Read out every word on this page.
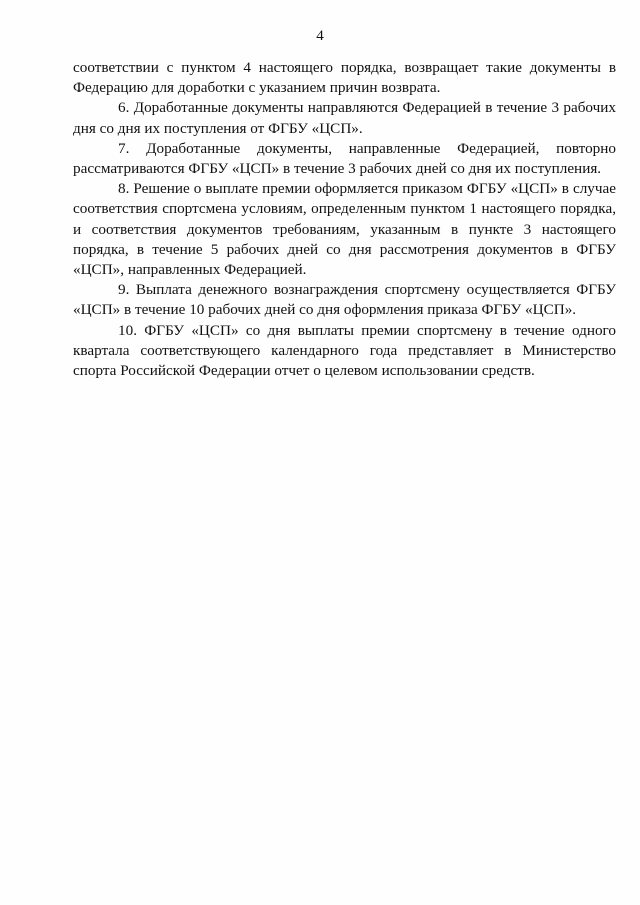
4

соответствии с пунктом 4 настоящего порядка, возвращает такие документы в Федерацию для доработки с указанием причин возврата.

6. Доработанные документы направляются Федерацией в течение 3 рабочих дня со дня их поступления от ФГБУ «ЦСП».

7. Доработанные документы, направленные Федерацией, повторно рассматриваются ФГБУ «ЦСП» в течение 3 рабочих дней со дня их поступления.

8. Решение о выплате премии оформляется приказом ФГБУ «ЦСП» в случае соответствия спортсмена условиям, определенным пунктом 1 настоящего порядка, и соответствия документов требованиям, указанным в пункте 3 настоящего порядка, в течение 5 рабочих дней со дня рассмотрения документов в ФГБУ «ЦСП», направленных Федерацией.

9. Выплата денежного вознаграждения спортсмену осуществляется ФГБУ «ЦСП» в течение 10 рабочих дней со дня оформления приказа ФГБУ «ЦСП».

10. ФГБУ «ЦСП» со дня выплаты премии спортсмену в течение одного квартала соответствующего календарного года представляет в Министерство спорта Российской Федерации отчет о целевом использовании средств.
